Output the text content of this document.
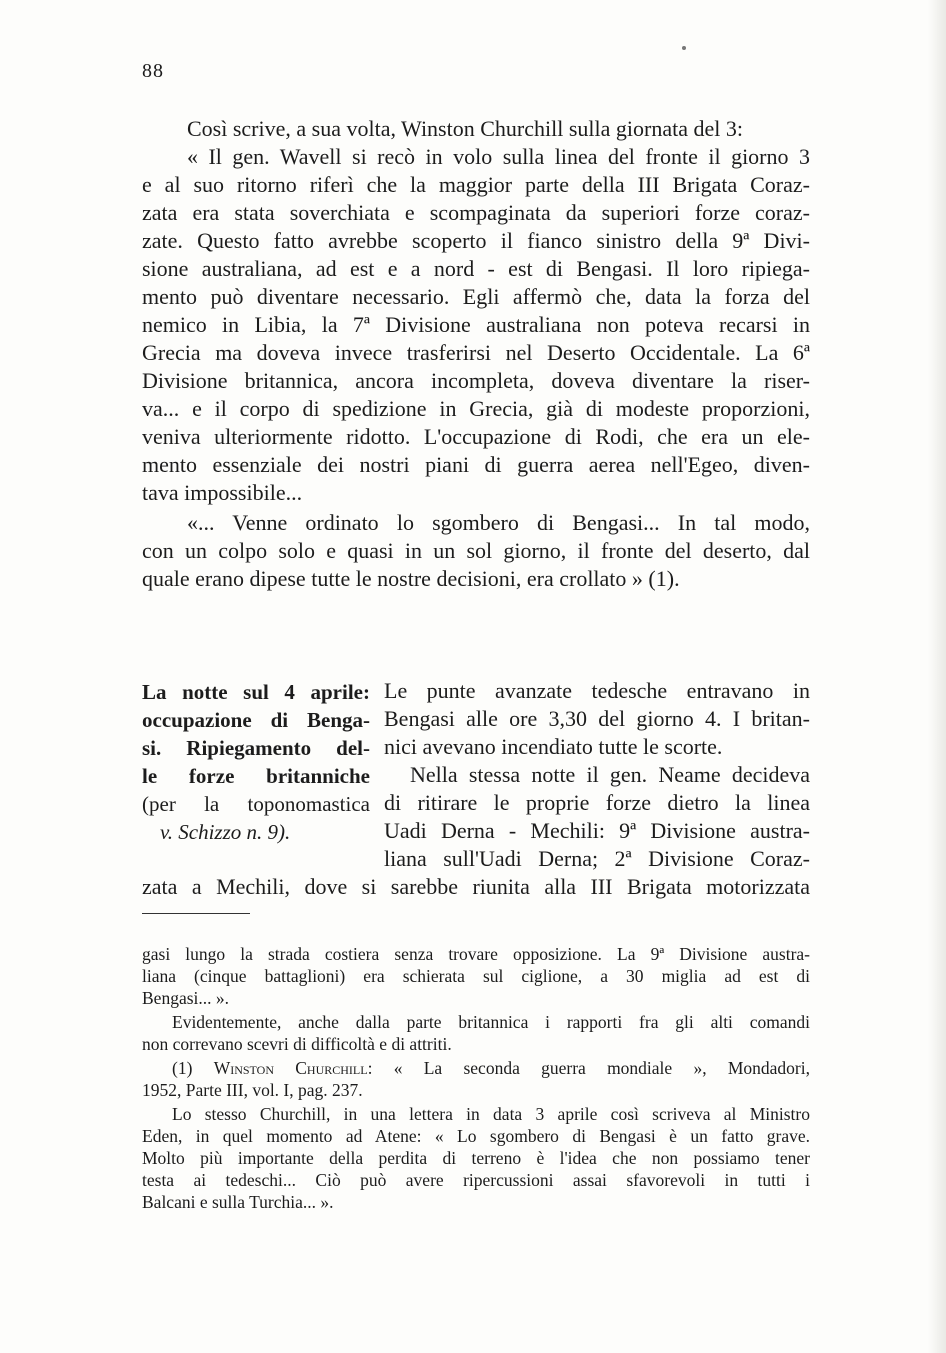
88
Così scrive, a sua volta, Winston Churchill sulla giornata del 3:
« Il gen. Wavell si recò in volo sulla linea del fronte il giorno 3
e al suo ritorno riferì che la maggior parte della III Brigata Coraz-
zata era stata soverchiata e scompaginata da superiori forze coraz-
zate. Questo fatto avrebbe scoperto il fianco sinistro della 9ª Divi-
sione australiana, ad est e a nord - est di Bengasi. Il loro ripiega-
mento può diventare necessario. Egli affermò che, data la forza del
nemico in Libia, la 7ª Divisione australiana non poteva recarsi in
Grecia ma doveva invece trasferirsi nel Deserto Occidentale. La 6ª
Divisione britannica, ancora incompleta, doveva diventare la riser-
va... e il corpo di spedizione in Grecia, già di modeste proporzioni,
veniva ulteriormente ridotto. L'occupazione di Rodi, che era un ele-
mento essenziale dei nostri piani di guerra aerea nell'Egeo, diven-
tava impossibile...
«... Venne ordinato lo sgombero di Bengasi... In tal modo,
con un colpo solo e quasi in un sol giorno, il fronte del deserto, dal
quale erano dipese tutte le nostre decisioni, era crollato » (1).
La notte sul 4 aprile:
occupazione di Benga-
si. Ripiegamento del-
le forze britanniche
(per la toponomastica
v. Schizzo n. 9).
Le punte avanzate tedesche entravano in
Bengasi alle ore 3,30 del giorno 4. I britan-
nici avevano incendiato tutte le scorte.
Nella stessa notte il gen. Neame decideva
di ritirare le proprie forze dietro la linea
Uadi Derna - Mechili: 9ª Divisione austra-
liana sull'Uadi Derna; 2ª Divisione Coraz-
zata a Mechili, dove si sarebbe riunita alla III Brigata motorizzata
gasi lungo la strada costiera senza trovare opposizione. La 9ª Divisione austra-
liana (cinque battaglioni) era schierata sul ciglione, a 30 miglia ad est di
Bengasi... ».
Evidentemente, anche dalla parte britannica i rapporti fra gli alti comandi
non correvano scevri di difficoltà e di attriti.
(1) Winston Churchill: « La seconda guerra mondiale », Mondadori,
1952, Parte III, vol. I, pag. 237.
Lo stesso Churchill, in una lettera in data 3 aprile così scriveva al Ministro
Eden, in quel momento ad Atene: « Lo sgombero di Bengasi è un fatto grave.
Molto più importante della perdita di terreno è l'idea che non possiamo tener
testa ai tedeschi... Ciò può avere ripercussioni assai sfavorevoli in tutti i
Balcani e sulla Turchia... ».
